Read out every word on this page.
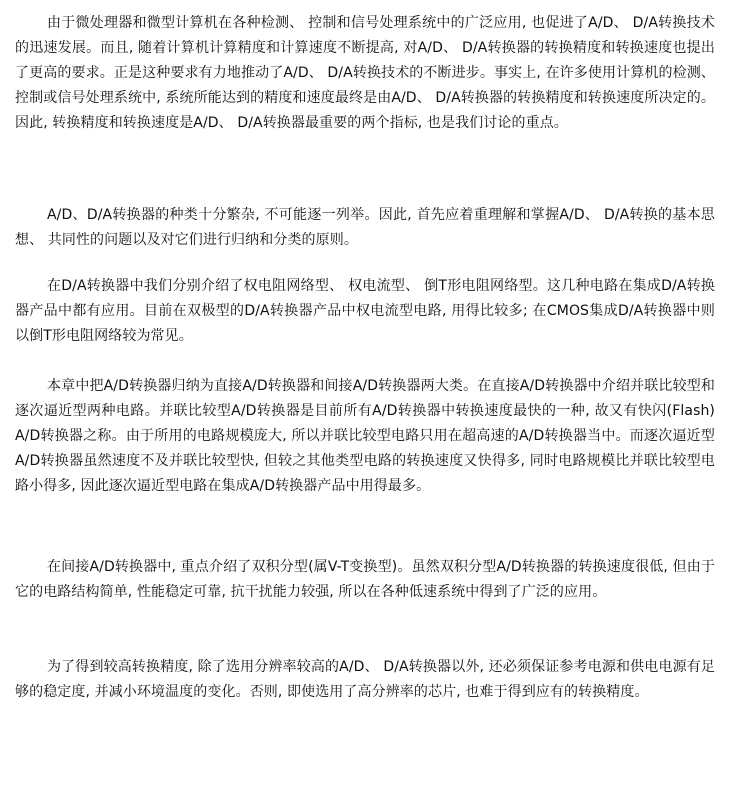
由于微处理器和微型计算机在各种检测、 控制和信号处理系统中的广泛应用, 也促进了A/D、 D/A转换技术的迅速发展。而且, 随着计算机计算精度和计算速度不断提高, 对A/D、 D/A转换器的转换精度和转换速度也提出了更高的要求。正是这种要求有力地推动了A/D、 D/A转换技术的不断进步。事实上, 在许多使用计算机的检测、 控制或信号处理系统中, 系统所能达到的精度和速度最终是由A/D、 D/A转换器的转换精度和转换速度所决定的。因此, 转换精度和转换速度是A/D、 D/A转换器最重要的两个指标, 也是我们讨论的重点。

A/D、D/A转换器的种类十分繁杂, 不可能逐一列举。因此, 首先应着重理解和掌握A/D、 D/A转换的基本思想、 共同性的问题以及对它们进行归纳和分类的原则。

在D/A转换器中我们分别介绍了权电阻网络型、 权电流型、 倒T形电阻网络型。这几种电路在集成D/A转换器产品中都有应用。目前在双极型的D/A转换器产品中权电流型电路, 用得比较多; 在CMOS集成D/A转换器中则以倒T形电阻网络较为常见。

本章中把A/D转换器归纳为直接A/D转换器和间接A/D转换器两大类。在直接A/D转换器中介绍并联比较型和逐次逼近型两种电路。并联比较型A/D转换器是目前所有A/D转换器中转换速度最快的一种, 故又有快闪(Flash)A/D转换器之称。由于所用的电路规模庞大, 所以并联比较型电路只用在超高速的A/D转换器当中。而逐次逼近型A/D转换器虽然速度不及并联比较型快, 但较之其他类型电路的转换速度又快得多, 同时电路规模比并联比较型电路小得多, 因此逐次逼近型电路在集成A/D转换器产品中用得最多。

在间接A/D转换器中, 重点介绍了双积分型(属V-T变换型)。虽然双积分型A/D转换器的转换速度很低, 但由于它的电路结构简单, 性能稳定可靠, 抗干扰能力较强, 所以在各种低速系统中得到了广泛的应用。

为了得到较高转换精度, 除了选用分辨率较高的A/D、 D/A转换器以外, 还必须保证参考电源和供电电源有足够的稳定度, 并减小环境温度的变化。否则, 即使选用了高分辨率的芯片, 也难于得到应有的转换精度。
